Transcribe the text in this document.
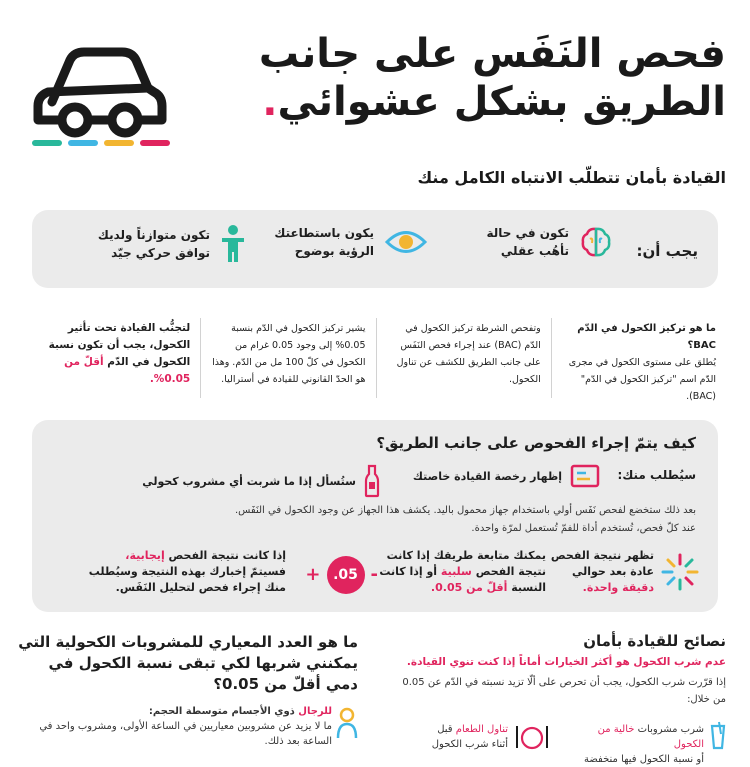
فحص النَفَس على جانب
الطريق بشكل عشوائي.
القيادة بأمان تتطلّب الانتباه الكامل منك
يجب أن:
تكون في حالة
تأهُب عقلي
يكون باستطاعتك
الرؤية بوضوح
تكون متوازناً ولديك
توافق حركي جيّد
ما هو تركيز الكحول في الدّم BAC؟
يُطلق على مستوى الكحول في مجرى الدّم اسم "تركيز الكحول في الدّم" (BAC).
وتفحص الشرطة تركيز الكحول في الدّم (BAC) عند إجراء فحص النَفَس على جانب الطريق للكشف عن تناول الكحول.
يشير تركيز الكحول في الدّم بنسبة 0.05% إلى وجود 0.05 غرام من الكحول في كلّ 100 مل من الدّم. وهذا هو الحدّ القانوني للقيادة في أستراليا.
لتجنُّب القيادة تحت تأثير الكحول، يجب أن تكون نسبة الكحول في الدّم أقلّ من 0.05%.
كيف يتمّ إجراء الفحوص على جانب الطريق؟
سيُطلب منك:
إظهار رخصة القيادة خاصتك
ستُسأل إذا ما شربت أي مشروب كحولي
بعد ذلك ستخضع لفحص نَفَس أولي باستخدام جهاز محمول باليد. يكشف هذا الجهاز عن وجود الكحول في النَفَس.
عند كلّ فحص، تُستخدم أداة للفمّ تُستعمل لمرّة واحدة.
تظهر نتيجة الفحص
عادة بعد حوالي
دقيقة واحدة.
يمكنك متابعة طريقك إذا كانت
نتيجة الفحص سلبية أو إذا كانت
النسبة أقلّ من 0.05.
-
.05
+
إذا كانت نتيجة الفحص إيجابية،
فسيتمّ إخبارك بهذه النتيجة وسيُطلب
منك إجراء فحص لتحليل النَفَس.
نصائح للقيادة بأمان
عدم شرب الكحول هو أكثر الخيارات أماناً إذا كنت تنوي القيادة.
إذا قرّرت شرب الكحول، يجب أن تحرص على ألّا تزيد نسبته في الدّم عن 0.05 من خلال:
شرب مشروبات خالية من الكحول
أو نسبة الكحول فيها منخفضة
تناول الطعام قبل
أثناء شرب الكحول
ما هو العدد المعياري للمشروبات الكحولية التي يمكنني شربها لكي تبقى نسبة الكحول في دمي أقلّ من 0.05؟
للرجال ذوي الأجسام متوسطة الحجم:
ما لا يزيد عن مشروبين معياريين في الساعة الأولى، ومشروب واحد في الساعة بعد ذلك.
